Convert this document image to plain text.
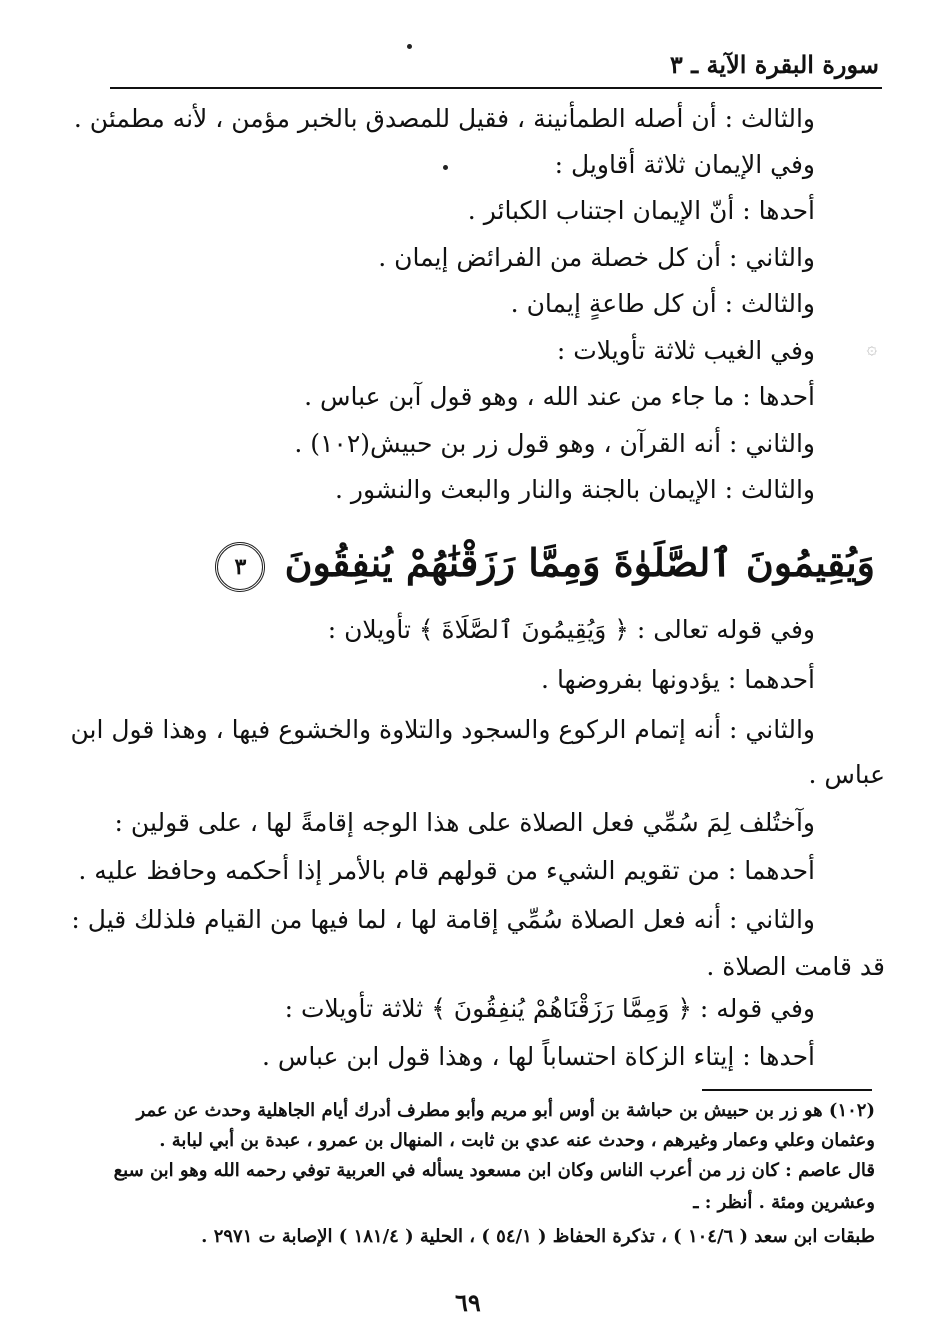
سورة البقرة الآية ـ ٣
والثالث : أن أصله الطمأنينة ، فقيل للمصدق بالخبر مؤمن ، لأنه مطمئن .
وفي الإيمان ثلاثة أقاويل :
أحدها : أنّ الإيمان اجتناب الكبائر .
والثاني : أن كل خصلة من الفرائض إيمان .
والثالث : أن كل طاعةٍ إيمان .
۞
وفي الغيب ثلاثة تأويلات :
أحدها : ما جاء من عند الله ، وهو قول آبن عباس .
والثاني : أنه القرآن ، وهو قول زر بن حبيش(١٠٢) .
والثالث : الإيمان بالجنة والنار والبعث والنشور .
وَيُقِيمُونَ ٱلصَّلَوٰةَ وَمِمَّا رَزَقْنَٰهُمْ يُنفِقُونَ ٣
وفي قوله تعالى : ﴿ وَيُقِيمُونَ ٱلصَّلَاةَ ﴾ تأويلان :
أحدهما : يؤدونها بفروضها .
والثاني : أنه إتمام الركوع والسجود والتلاوة والخشوع فيها ، وهذا قول ابن
عباس .
وآختُلف لِمَ سُمِّي فعل الصلاة على هذا الوجه إقامةً لها ، على قولين :
أحدهما : من تقويم الشيء من قولهم قام بالأمر إذا أحكمه وحافظ عليه .
والثاني : أنه فعل الصلاة سُمِّي إقامة لها ، لما فيها من القيام فلذلك قيل :
قد قامت الصلاة .
وفي قوله : ﴿ وَمِمَّا رَزَقْنَاهُمْ يُنفِقُونَ ﴾ ثلاثة تأويلات :
أحدها : إيتاء الزكاة احتساباً لها ، وهذا قول ابن عباس .
(١٠٢) هو زر بن حبيش بن حباشة بن أوس أبو مريم وأبو مطرف أدرك أيام الجاهلية وحدث عن عمر
وعثمان وعلي وعمار وغيرهم ، وحدث عنه عدي بن ثابت ، المنهال بن عمرو ، عبدة بن أبي لبابة .
قال عاصم : كان زر من أعرب الناس وكان ابن مسعود يسأله في العربية توفي رحمه الله وهو ابن سبع
وعشرين ومئة . أنظر : ـ
طبقات ابن سعد ( ١٠٤/٦ ) ، تذكرة الحفاظ ( ٥٤/١ ) ، الحلية ( ١٨١/٤ ) الإصابة ت ٢٩٧١ .
٦٩
